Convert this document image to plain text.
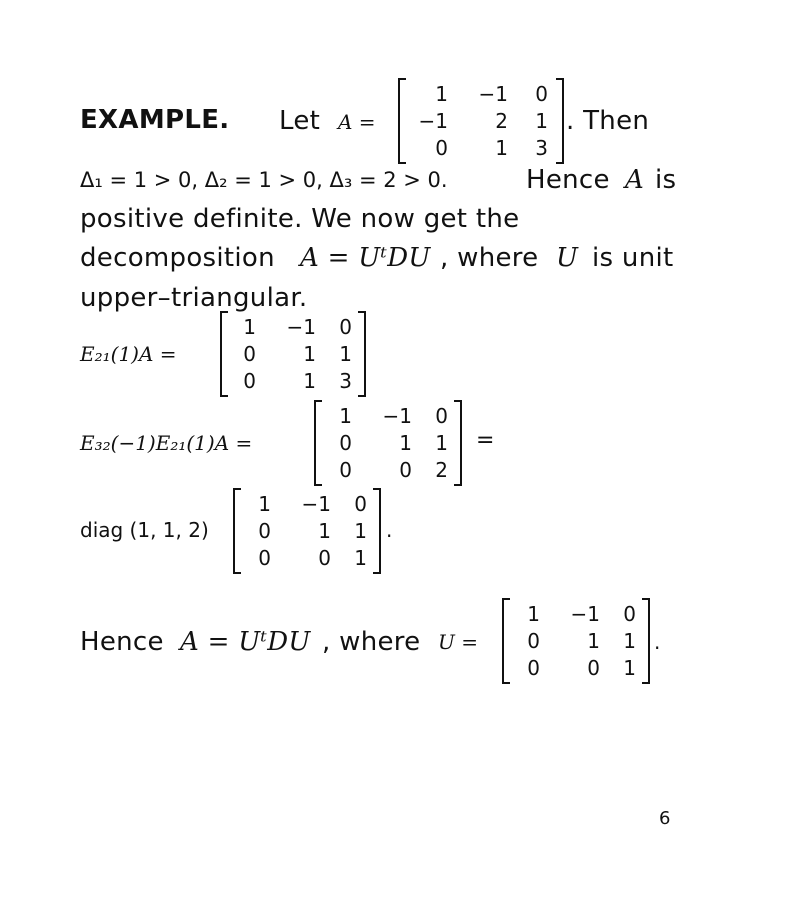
EXAMPLE. Let A =
1	−1	0
−1	2	1
0	1	3
. Then
Δ₁ = 1 > 0, Δ₂ = 1 > 0, Δ₃ = 2 > 0.	Hence A is
positive definite. We now get the
decomposition A = UᵗDU , where U is unit
upper–triangular.
E₂₁(1)A =
1	−1	0
0	1	1
0	1	3
E₃₂(−1)E₂₁(1)A =
1	−1	0
0	1	1
0	0	2
=
diag (1, 1, 2)
1	−1	0
0	1	1
0	0	1
.
Hence A = UᵗDU , where U =
1	−1	0
0	1	1
0	0	1
.
6
